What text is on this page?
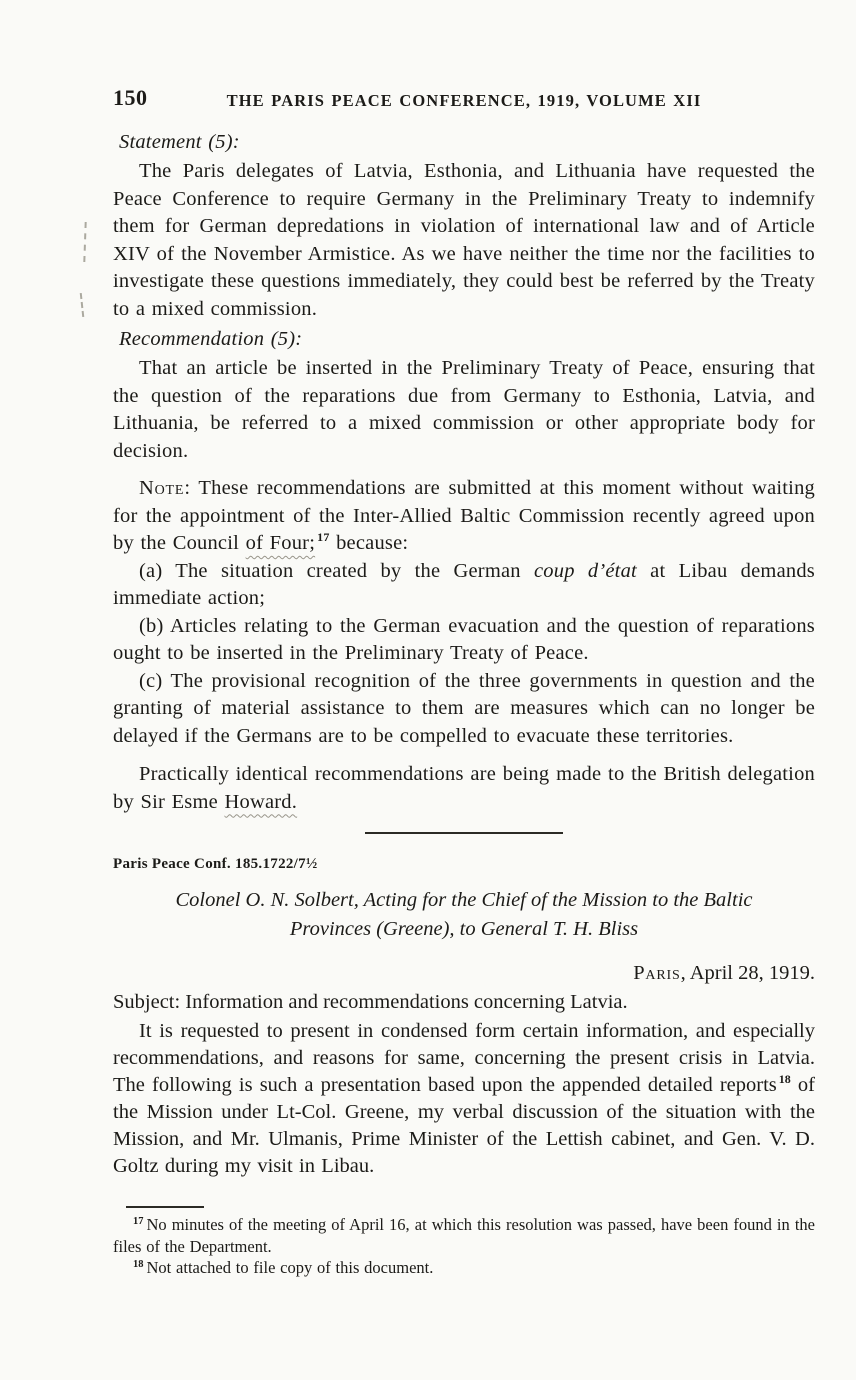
150	THE PARIS PEACE CONFERENCE, 1919, VOLUME XII

Statement (5):

The Paris delegates of Latvia, Esthonia, and Lithuania have requested the Peace Conference to require Germany in the Preliminary Treaty to indemnify them for German depredations in violation of international law and of Article XIV of the November Armistice. As we have neither the time nor the facilities to investigate these questions immediately, they could best be referred by the Treaty to a mixed commission.

Recommendation (5):

That an article be inserted in the Preliminary Treaty of Peace, ensuring that the question of the reparations due from Germany to Esthonia, Latvia, and Lithuania, be referred to a mixed commission or other appropriate body for decision.

Note: These recommendations are submitted at this moment without waiting for the appointment of the Inter-Allied Baltic Commission recently agreed upon by the Council of Four; $^{17}$ because:

(a) The situation created by the German coup d’état at Libau demands immediate action;

(b) Articles relating to the German evacuation and the question of reparations ought to be inserted in the Preliminary Treaty of Peace.

(c) The provisional recognition of the three governments in question and the granting of material assistance to them are measures which can no longer be delayed if the Germans are to be compelled to evacuate these territories.

Practically identical recommendations are being made to the British delegation by Sir Esme Howard.

Paris Peace Conf. 185.1722/7½
Colonel O. N. Solbert, Acting for the Chief of the Mission to the Baltic
Provinces (Greene), to General T. H. Bliss
Paris, April 28, 1919.

Subject: Information and recommendations concerning Latvia.

It is requested to present in condensed form certain information, and especially recommendations, and reasons for same, concerning the present crisis in Latvia. The following is such a presentation based upon the appended detailed reports $^{18}$ of the Mission under Lt-Col. Greene, my verbal discussion of the situation with the Mission, and Mr. Ulmanis, Prime Minister of the Lettish cabinet, and Gen. V. D. Goltz during my visit in Libau.

$^{17}$ No minutes of the meeting of April 16, at which this resolution was passed, have been found in the files of the Department.

$^{18}$ Not attached to file copy of this document.
